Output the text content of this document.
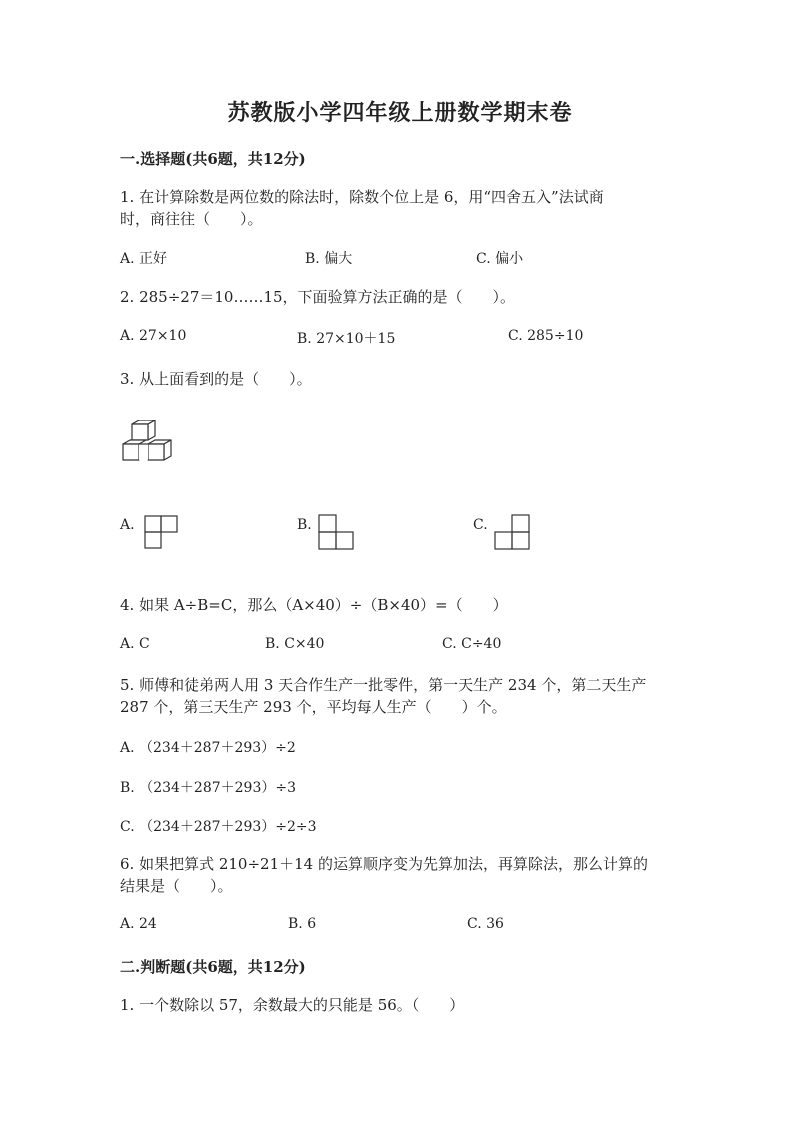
苏教版小学四年级上册数学期末卷
一.选择题(共6题，共12分)
1. 在计算除数是两位数的除法时，除数个位上是 6，用“四舍五入”法试商
时，商往往（　　）。
A. 正好	B. 偏大	C. 偏小
2. 285÷27＝10……15，下面验算方法正确的是（　　）。
A. 27×10	B. 27×10＋15	C. 285÷10
3. 从上面看到的是（　　）。
A.	B.	C.
4. 如果 A÷B=C，那么（A×40）÷（B×40）=（　　）
A. C	B. C×40	C. C÷40
5. 师傅和徒弟两人用 3 天合作生产一批零件，第一天生产 234 个，第二天生产
287 个，第三天生产 293 个，平均每人生产（　　）个。
A. （234＋287＋293）÷2
B. （234＋287＋293）÷3
C. （234＋287＋293）÷2÷3
6. 如果把算式 210÷21＋14 的运算顺序变为先算加法，再算除法，那么计算的
结果是（　　）。
A. 24	B. 6	C. 36
二.判断题(共6题，共12分)
1. 一个数除以 57，余数最大的只能是 56。（　　）
